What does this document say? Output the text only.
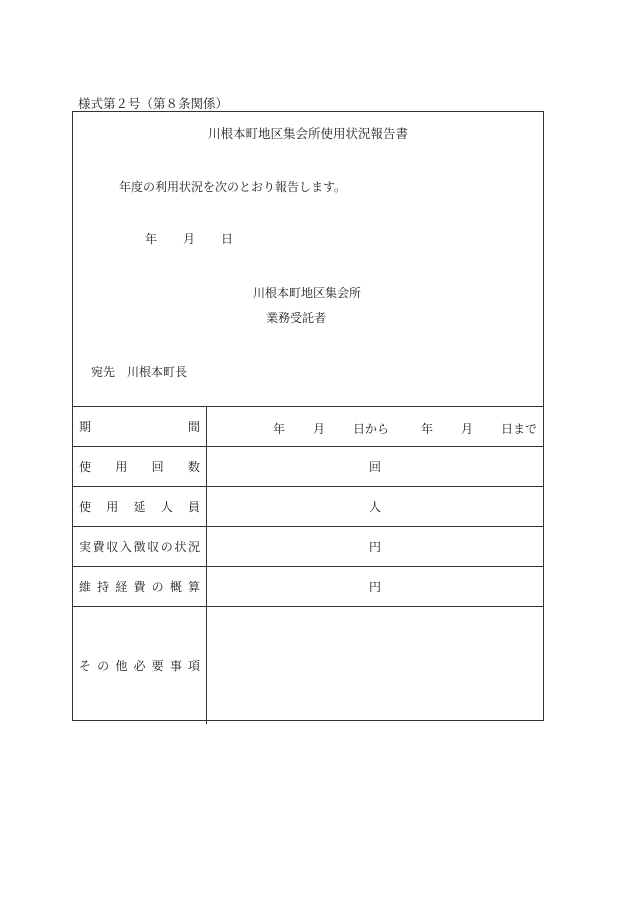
様式第２号（第８条関係）
川根本町地区集会所使用状況報告書
年度の利用状況を次のとおり報告します。
年 月 日
川根本町地区集会所
業務受託者
宛先　川根本町長
期間	年 月 日から	年 月 日まで
使用回数	回
使用延人員	人
実費収入徴収の状況	円
維持経費の概算	円
その他必要事項
